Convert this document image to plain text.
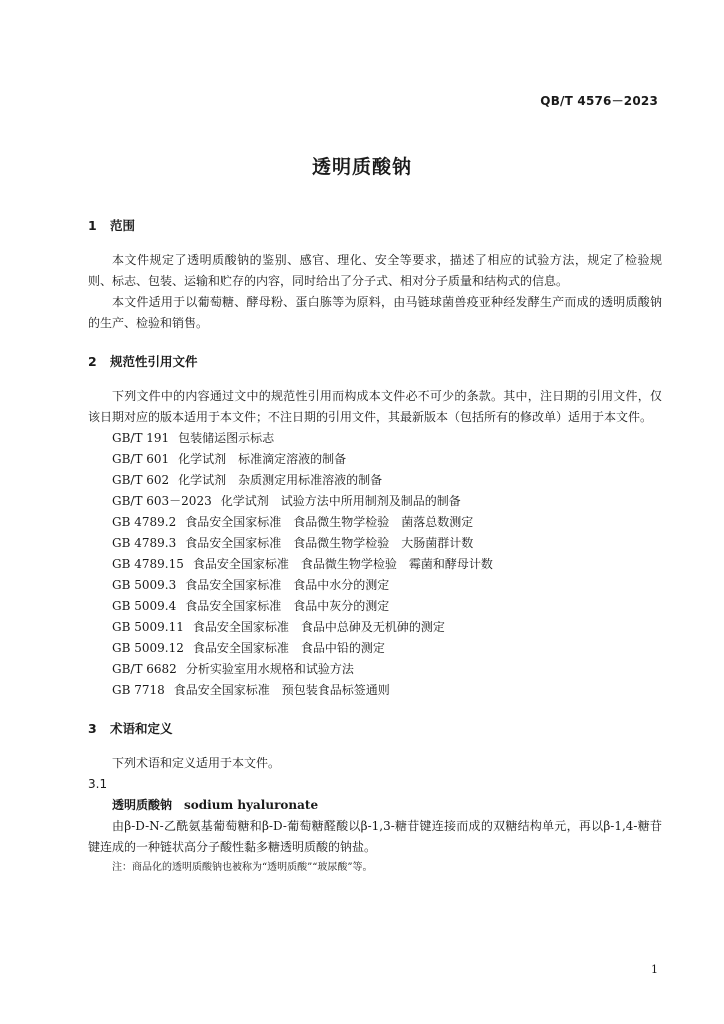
QB/T 4576－2023
透明质酸钠

1 范围

本文件规定了透明质酸钠的鉴别、感官、理化、安全等要求，描述了相应的试验方法，规定了检验规则、标志、包装、运输和贮存的内容，同时给出了分子式、相对分子质量和结构式的信息。

本文件适用于以葡萄糖、酵母粉、蛋白胨等为原料，由马链球菌兽疫亚种经发酵生产而成的透明质酸钠的生产、检验和销售。

2 规范性引用文件

下列文件中的内容通过文中的规范性引用而构成本文件必不可少的条款。其中，注日期的引用文件，仅该日期对应的版本适用于本文件；不注日期的引用文件，其最新版本（包括所有的修改单）适用于本文件。

GB/T 191 包装储运图示标志
GB/T 601 化学试剂　标准滴定溶液的制备
GB/T 602 化学试剂　杂质测定用标准溶液的制备
GB/T 603－2023 化学试剂　试验方法中所用制剂及制品的制备
GB 4789.2 食品安全国家标准　食品微生物学检验　菌落总数测定
GB 4789.3 食品安全国家标准　食品微生物学检验　大肠菌群计数
GB 4789.15 食品安全国家标准　食品微生物学检验　霉菌和酵母计数
GB 5009.3 食品安全国家标准　食品中水分的测定
GB 5009.4 食品安全国家标准　食品中灰分的测定
GB 5009.11 食品安全国家标准　食品中总砷及无机砷的测定
GB 5009.12 食品安全国家标准　食品中铅的测定
GB/T 6682 分析实验室用水规格和试验方法
GB 7718 食品安全国家标准　预包装食品标签通则

3 术语和定义

下列术语和定义适用于本文件。

3.1

透明质酸钠 sodium hyaluronate

由β-D-N-乙酰氨基葡萄糖和β-D-葡萄糖醛酸以β-1,3-糖苷键连接而成的双糖结构单元，再以β-1,4-糖苷键连成的一种链状高分子酸性黏多糖透明质酸的钠盐。

注：商品化的透明质酸钠也被称为“透明质酸”“玻尿酸”等。

1
